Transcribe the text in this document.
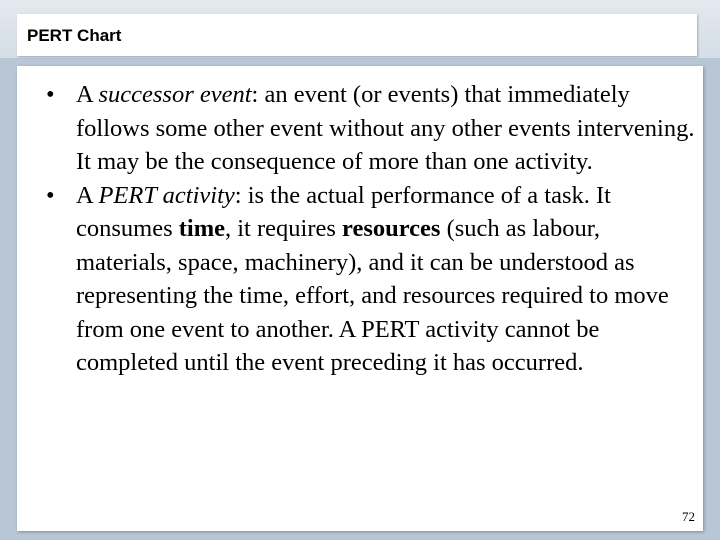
PERT Chart
• A successor event: an event (or events) that immediately follows some other event without any other events intervening. It may be the consequence of more than one activity.
• A PERT activity: is the actual performance of a task. It consumes time, it requires resources (such as labour, materials, space, machinery), and it can be understood as representing the time, effort, and resources required to move from one event to another. A PERT activity cannot be completed until the event preceding it has occurred.
72
